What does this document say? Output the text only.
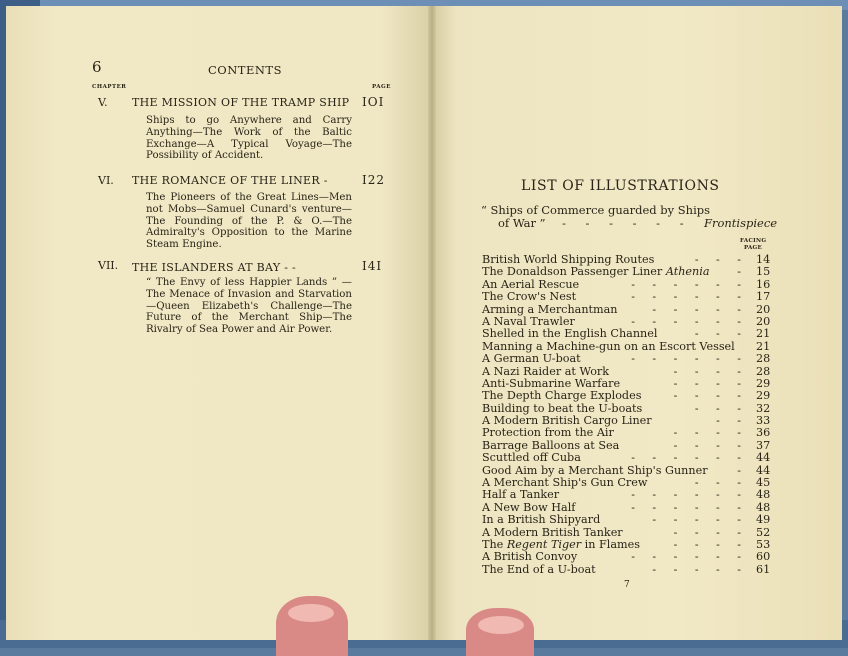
6	CONTENTS
CHAPTER	PAGE
V. THE MISSION OF THE TRAMP SHIP IOI
Ships to go Anywhere and Carry Anything—The Work of the Baltic Exchange—A Typical Voyage—The Possibility of Accident.
VI. THE ROMANCE OF THE LINER -	I22
The Pioneers of the Great Lines—Men not Mobs—Samuel Cunard's venture—The Founding of the P. & O.—The Admiralty's Opposition to the Marine Steam Engine.
VII. THE ISLANDERS AT BAY - -	I4I
“ The Envy of less Happier Lands ” —The Menace of Invasion and Starvation—Queen Elizabeth's Challenge—The Future of the Merchant Ship—The Rivalry of Sea Power and Air Power.
LIST OF ILLUSTRATIONS
“ Ships of Commerce guarded by Ships
of War ” - - - - - - Frontispiece
FACING
PAGE
British World Shipping Routes	- - - 14
The Donaldson Passenger Liner Athenia	- 15
An Aerial Rescue	- - - - - - 16
The Crow's Nest	- - - - - - 17
Arming a Merchantman	- - - - - 20
A Naval Trawler	- - - - - - 20
Shelled in the English Channel	- - - 21
Manning a Machine-gun on an Escort Vessel 21
A German U-boat	- - - - - - 28
A Nazi Raider at Work	- - - - 28
Anti-Submarine Warfare	- - - - 29
The Depth Charge Explodes	- - - - 29
Building to beat the U-boats	- - - 32
A Modern British Cargo Liner	- - 33
Protection from the Air	- - - - 36
Barrage Balloons at Sea	- - - - 37
Scuttled off Cuba	- - - - - - 44
Good Aim by a Merchant Ship's Gunner	- 44
A Merchant Ship's Gun Crew	- - - 45
Half a Tanker	- - - - - - 48
A New Bow Half	- - - - - - 48
In a British Shipyard	- - - - - 49
A Modern British Tanker	- - - - 52
The Regent Tiger in Flames	- - - - 53
A British Convoy	- - - - - - 60
The End of a U-boat	- - - - - 61
7
